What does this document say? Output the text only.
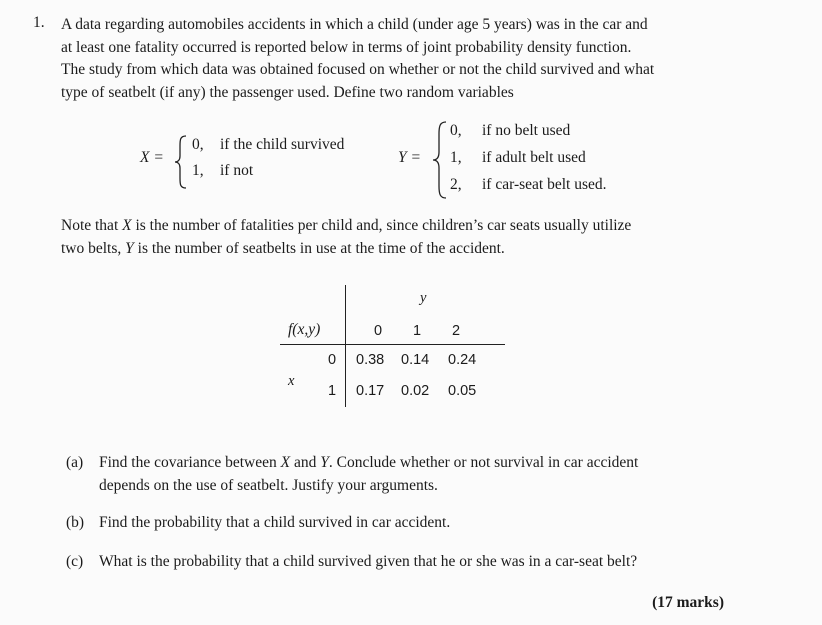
1. A data regarding automobiles accidents in which a child (under age 5 years) was in the car and
at least one fatality occurred is reported below in terms of joint probability density function.
The study from which data was obtained focused on whether or not the child survived and what
type of seatbelt (if any) the passenger used. Define two random variables
X =
0, if the child survived
1, if not
Y =
0, if no belt used
1, if adult belt used
2, if car-seat belt used.
Note that X is the number of fatalities per child and, since children’s car seats usually utilize
two belts, Y is the number of seatbelts in use at the time of the accident.
y
f(x,y)	0 1 2
0 0.38 0.14 0.24
x
1 0.17 0.02 0.05
(a) Find the covariance between X and Y. Conclude whether or not survival in car accident
depends on the use of seatbelt. Justify your arguments.
(b) Find the probability that a child survived in car accident.
(c) What is the probability that a child survived given that he or she was in a car-seat belt?
(17 marks)
